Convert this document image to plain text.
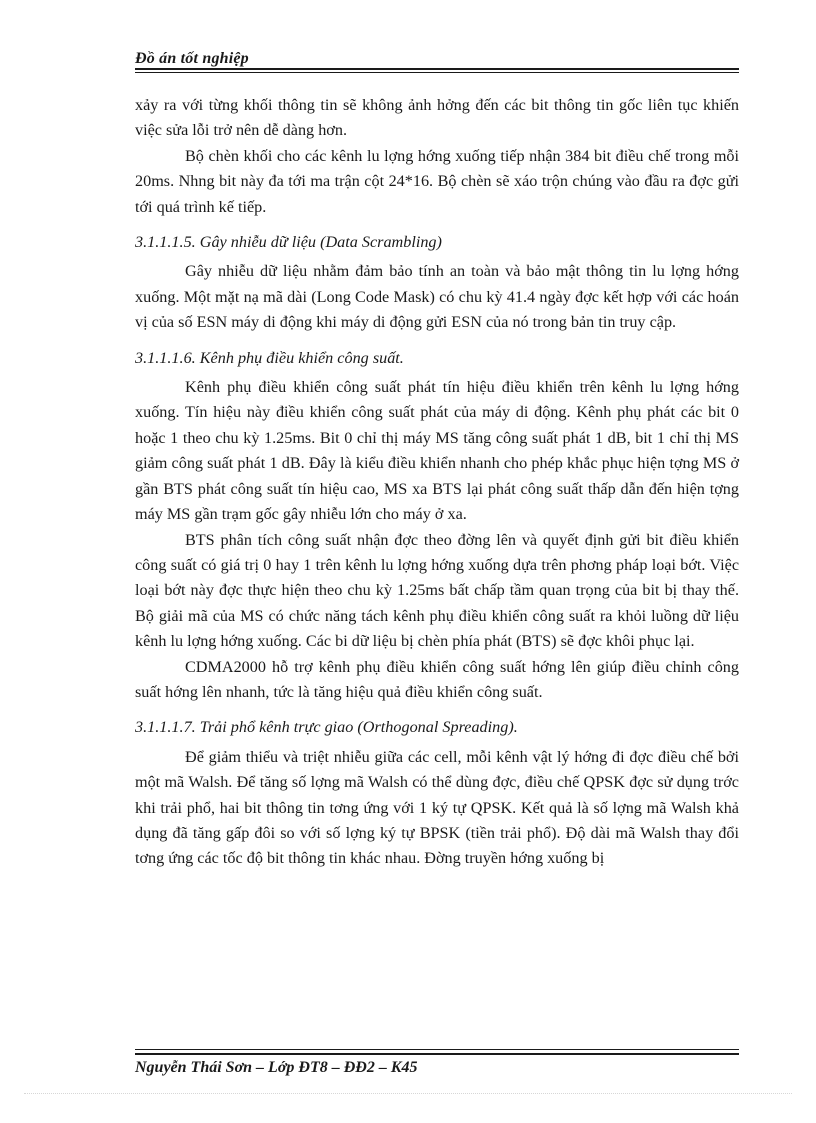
Đồ án tốt nghiệp

xảy ra với từng khối thông tin sẽ không ảnh hởng đến các bit thông tin gốc liên tục khiến việc sửa lỗi trở nên dễ dàng hơn.

Bộ chèn khối cho các kênh lu lợng hớng xuống tiếp nhận 384 bit điều chế trong mỗi 20ms. Nhng bit này đa tới ma trận cột 24*16. Bộ chèn sẽ xáo trộn chúng vào đầu ra đợc gửi tới quá trình kế tiếp.

3.1.1.1.5. Gây nhiễu dữ liệu (Data Scrambling)

Gây nhiễu dữ liệu nhằm đảm bảo tính an toàn và bảo mật thông tin lu lợng hớng xuống. Một mặt nạ mã dài (Long Code Mask) có chu kỳ 41.4 ngày đợc kết hợp với các hoán vị của số ESN máy di động khi máy di động gửi ESN của nó trong bản tin truy cập.

3.1.1.1.6. Kênh phụ điều khiển công suất.

Kênh phụ điều khiển công suất phát tín hiệu điều khiển trên kênh lu lợng hớng xuống. Tín hiệu này điều khiển công suất phát của máy di động. Kênh phụ phát các bit 0 hoặc 1 theo chu kỳ 1.25ms. Bit 0 chỉ thị máy MS tăng công suất phát 1 dB, bit 1 chỉ thị MS giảm công suất phát 1 dB. Đây là kiểu điều khiển nhanh cho phép khắc phục hiện tợng MS ở gần BTS phát công suất tín hiệu cao, MS xa BTS lại phát công suất thấp dẫn đến hiện tợng máy MS gần trạm gốc gây nhiễu lớn cho máy ở xa.

BTS phân tích công suất nhận đợc theo đờng lên và quyết định gửi bit điều khiển công suất có giá trị 0 hay 1 trên kênh lu lợng hớng xuống dựa trên phơng pháp loại bớt. Việc loại bớt này đợc thực hiện theo chu kỳ 1.25ms bất chấp tầm quan trọng của bit bị thay thế. Bộ giải mã của MS có chức năng tách kênh phụ điều khiển công suất ra khỏi luồng dữ liệu kênh lu lợng hớng xuống. Các bi dữ liệu bị chèn phía phát (BTS) sẽ đợc khôi phục lại.

CDMA2000 hỗ trợ kênh phụ điều khiển công suất hớng lên giúp điều chỉnh công suất hớng lên nhanh, tức là tăng hiệu quả điều khiển công suất.

3.1.1.1.7. Trải phổ kênh trực giao (Orthogonal Spreading).

Để giảm thiểu và triệt nhiễu giữa các cell, mỗi kênh vật lý hớng đi đợc điều chế bởi một mã Walsh. Để tăng số lợng mã Walsh có thể dùng đợc, điều chế QPSK đợc sử dụng trớc khi trải phổ, hai bit thông tin tơng ứng với 1 ký tự QPSK. Kết quả là số lợng mã Walsh khả dụng đã tăng gấp đôi so với số lợng ký tự BPSK (tiền trải phổ). Độ dài mã Walsh thay đổi tơng ứng các tốc độ bit thông tin khác nhau. Đờng truyền hớng xuống bị

Nguyễn Thái Sơn – Lớp ĐT8 – ĐĐ2 – K45
